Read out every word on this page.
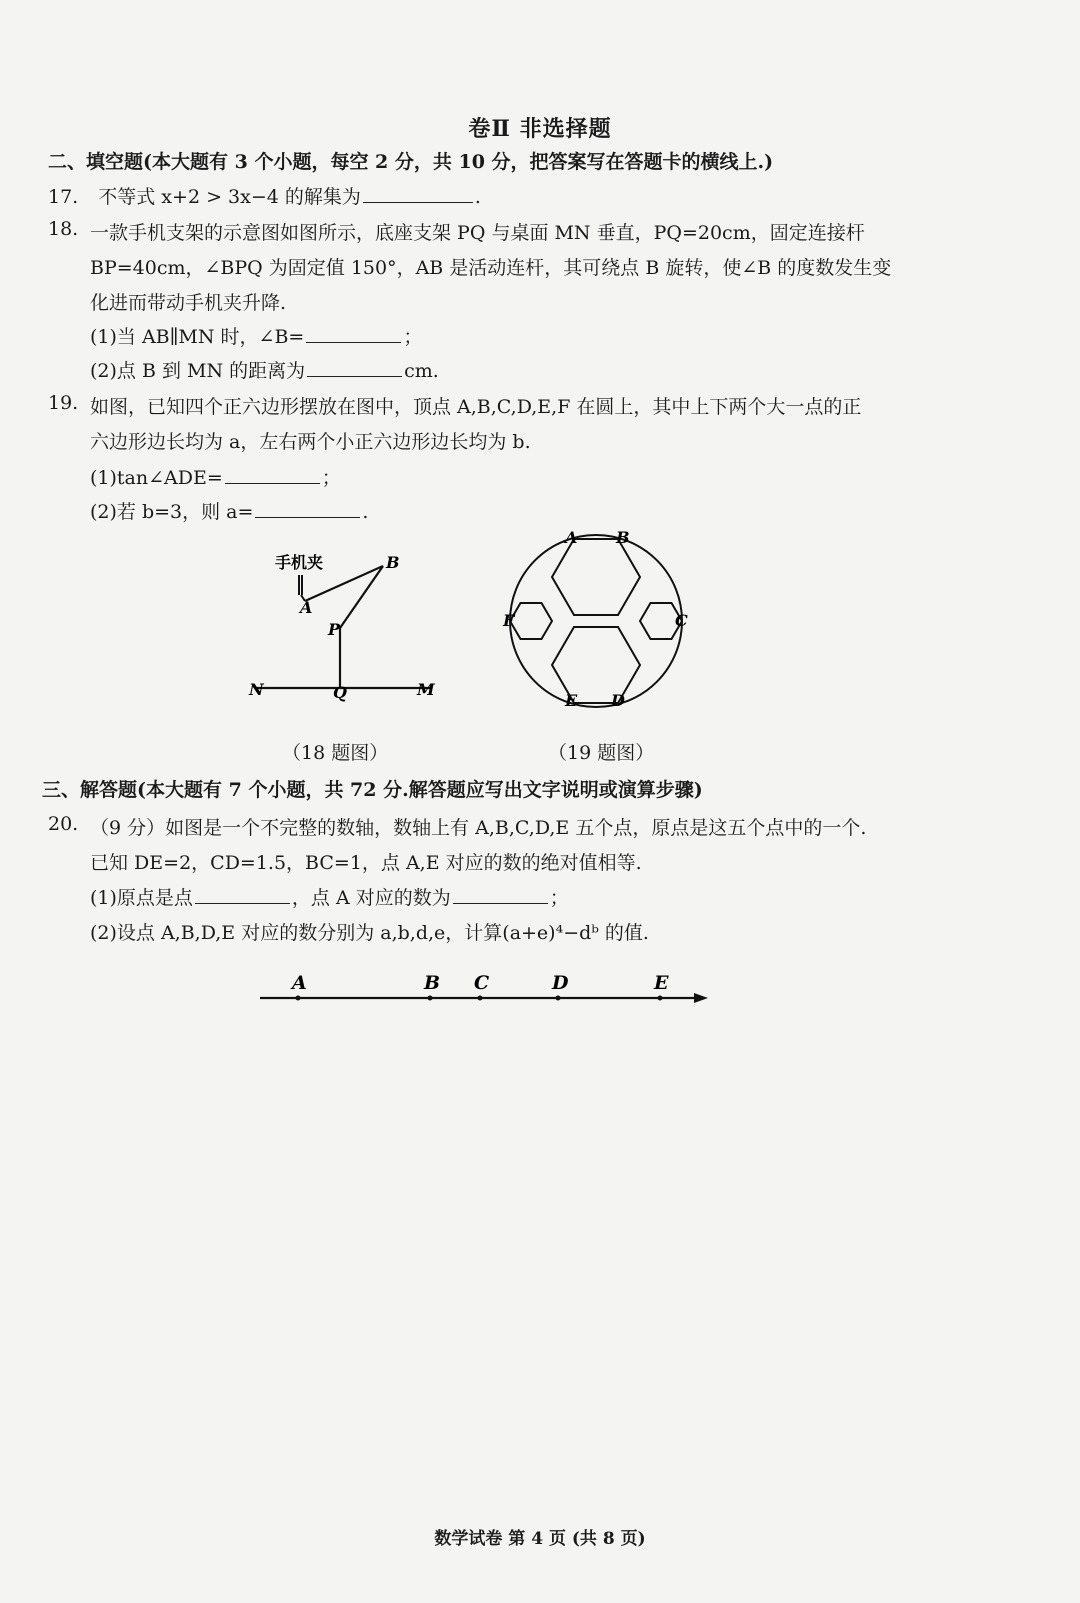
卷Ⅱ 非选择题
二、填空题(本大题有 3 个小题，每空 2 分，共 10 分，把答案写在答题卡的横线上.)
17. 不等式 x+2 > 3x−4 的解集为	.
18. 一款手机支架的示意图如图所示，底座支架 PQ 与桌面 MN 垂直，PQ=20cm，固定连接杆
BP=40cm，∠BPQ 为固定值 150°，AB 是活动连杆，其可绕点 B 旋转，使∠B 的度数发生变
化进而带动手机夹升降.
(1)当 AB∥MN 时，∠B=	；
(2)点 B 到 MN 的距离为	cm.
19. 如图，已知四个正六边形摆放在图中，顶点 A,B,C,D,E,F 在圆上，其中上下两个大一点的正
六边形边长均为 a，左右两个小正六边形边长均为 b.
(1)tan∠ADE=	；
(2)若 b=3，则 a=	.
手机夹	B
A
P
Q
N	M
A B
F	C
E D
（18 题图）	（19 题图）
三、解答题(本大题有 7 个小题，共 72 分.解答题应写出文字说明或演算步骤)
20. （9 分）如图是一个不完整的数轴，数轴上有 A,B,C,D,E 五个点，原点是这五个点中的一个.
已知 DE=2，CD=1.5，BC=1，点 A,E 对应的数的绝对值相等.
(1)原点是点	，点 A 对应的数为	；
(2)设点 A,B,D,E 对应的数分别为 a,b,d,e，计算(a+e)⁴−dᵇ 的值.
A	B C	D	E
数学试卷 第 4 页 (共 8 页)
